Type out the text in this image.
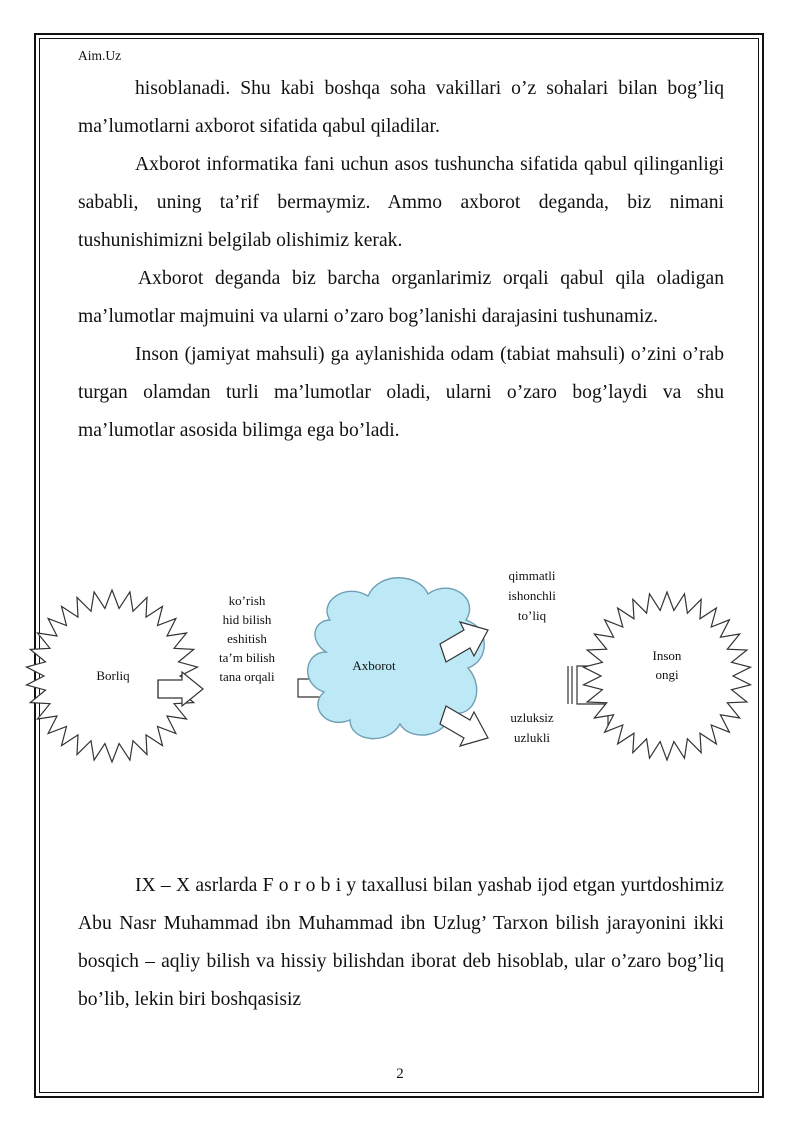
Aim.Uz

hisoblanadi. Shu kabi boshqa soha vakillari o’z sohalari bilan bog’liq ma’lumotlarni axborot sifatida qabul qiladilar.

Axborot informatika fani uchun asos tushuncha sifatida qabul qilinganligi sababli, uning ta’rif bermaymiz. Ammo axborot deganda, biz nimani tushunishimizni belgilab olishimiz kerak.

Axborot deganda biz barcha organlarimiz orqali qabul qila oladigan ma’lumotlar majmuini va ularni o’zaro bog’lanishi darajasini tushunamiz.

Inson (jamiyat mahsuli) ga aylanishida odam (tabiat mahsuli) o’zini o’rab turgan olamdan turli ma’lumotlar oladi, ularni o’zaro bog’laydi va shu ma’lumotlar asosida bilimga ega bo’ladi.

Borliq
ko’rish
hid bilish
eshitish
ta’m bilish
tana orqali
Axborot
qimmatli
ishonchli
to’liq
uzluksiz
uzlukli
Inson
ongi

IX – X asrlarda F o r o b i y taxallusi bilan yashab ijod etgan yurtdoshimiz Abu Nasr Muhammad ibn Muhammad ibn Uzlug’ Tarxon bilish jarayonini ikki bosqich – aqliy bilish va hissiy bilishdan iborat deb hisoblab, ular o’zaro bog’liq bo’lib, lekin biri boshqasisiz

2
